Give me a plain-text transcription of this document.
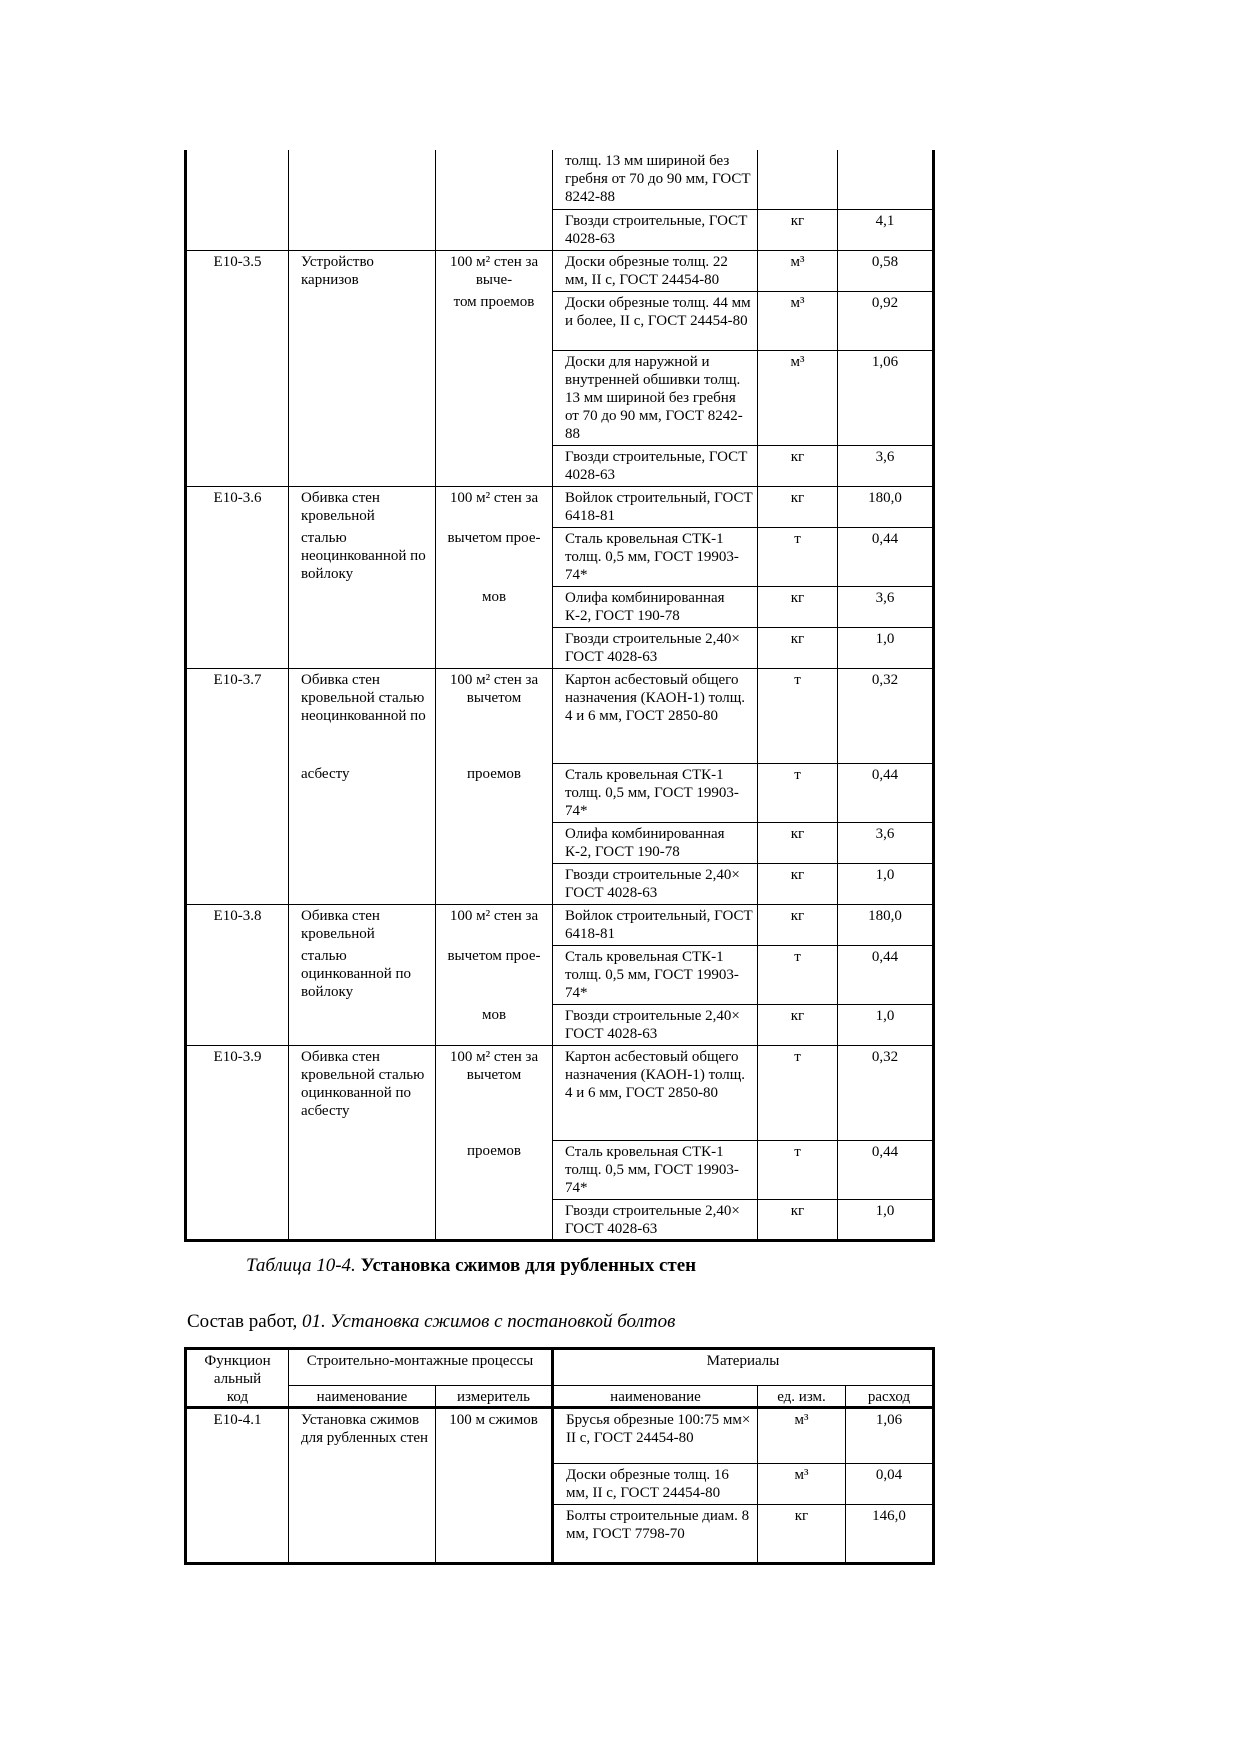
			толщ. 13 мм шириной без гребня от 70 до 90 мм, ГОСТ 8242-88		
			Гвозди строительные, ГОСТ 4028-63	кг	4,1
Е10-3.5	Устройство карнизов	100 м² стен за выче-	Доски обрезные толщ. 22 мм, II с, ГОСТ 24454-80	м³	0,58
		том проемов	Доски обрезные толщ. 44 мм и более, II с, ГОСТ 24454-80	м³	0,92
			Доски для наружной и внутренней обшивки толщ. 13 мм шириной без гребня от 70 до 90 мм, ГОСТ 8242-88	м³	1,06
			Гвозди строительные, ГОСТ 4028-63	кг	3,6
Е10-3.6	Обивка стен кровельной	100 м² стен за	Войлок строительный, ГОСТ 6418-81	кг	180,0
	сталью неоцинкованной по войлоку	вычетом прое-	Сталь кровельная СТК-1 толщ. 0,5 мм, ГОСТ 19903-74*	т	0,44
		мов	Олифа комбинированная К-2, ГОСТ 190-78	кг	3,6
			Гвозди строительные 2,40× ГОСТ 4028-63	кг	1,0
Е10-3.7	Обивка стен кровельной сталью неоцинкованной по	100 м² стен за вычетом	Картон асбестовый общего назначения (КАОН-1) толщ. 4 и 6 мм, ГОСТ 2850-80	т	0,32
	асбесту	проемов	Сталь кровельная СТК-1 толщ. 0,5 мм, ГОСТ 19903-74*	т	0,44
			Олифа комбинированная К-2, ГОСТ 190-78	кг	3,6
			Гвозди строительные 2,40× ГОСТ 4028-63	кг	1,0
Е10-3.8	Обивка стен кровельной	100 м² стен за	Войлок строительный, ГОСТ 6418-81	кг	180,0
	сталью оцинкованной по войлоку	вычетом прое-	Сталь кровельная СТК-1 толщ. 0,5 мм, ГОСТ 19903-74*	т	0,44
		мов	Гвозди строительные 2,40× ГОСТ 4028-63	кг	1,0
Е10-3.9	Обивка стен кровельной сталью оцинкованной по асбесту	100 м² стен за вычетом	Картон асбестовый общего назначения (КАОН-1) толщ. 4 и 6 мм, ГОСТ 2850-80	т	0,32
		проемов	Сталь кровельная СТК-1 толщ. 0,5 мм, ГОСТ 19903-74*	т	0,44
			Гвозди строительные 2,40× ГОСТ 4028-63	кг	1,0
Таблица 10-4. Установка сжимов для рубленных стен
Состав работ, 01. Установка сжимов с постановкой болтов
Функцион
альный
код	Строительно-монтажные процессы		Материалы		
	наименование	измеритель	наименование	ед. изм.	расход
Е10-4.1	Установка сжимов для рубленных стен	100 м сжимов	Брусья обрезные 100:75 мм× II с, ГОСТ 24454-80	м³	1,06
			Доски обрезные толщ. 16 мм, II с, ГОСТ 24454-80	м³	0,04
			Болты строительные диам. 8 мм, ГОСТ 7798-70	кг	146,0
